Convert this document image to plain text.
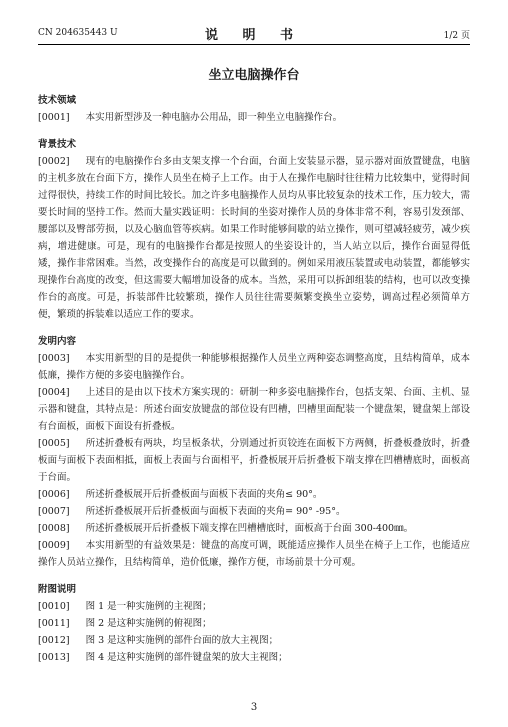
CN 204635443 U	说 明 书	1/2 页
坐立电脑操作台
技术领域
[0001] 本实用新型涉及一种电脑办公用品，即一种坐立电脑操作台。
背景技术
[0002] 现有的电脑操作台多由支架支撑一个台面，台面上安装显示器，显示器对面放置键盘，电脑的主机多放在台面下方，操作人员坐在椅子上工作。由于人在操作电脑时往往精力比较集中，觉得时间过得很快，持续工作的时间比较长。加之许多电脑操作人员均从事比较复杂的技术工作，压力较大，需要长时间的坚持工作。然而大量实践证明：长时间的坐姿对操作人员的身体非常不利，容易引发颈部、腰部以及臀部劳损，以及心脑血管等疾病。如果工作时能够间歇的站立操作，则可望减轻疲劳，减少疾病，增进健康。可是，现有的电脑操作台都是按照人的坐姿设计的，当人站立以后，操作台面显得低矮，操作非常困难。当然，改变操作台的高度是可以做到的。例如采用液压装置或电动装置，都能够实现操作台高度的改变，但这需要大幅增加设备的成本。当然，采用可以拆卸组装的结构，也可以改变操作台的高度。可是，拆装部件比较繁琐，操作人员往往需要频繁变换坐立姿势，调高过程必须简单方便，繁琐的拆装难以适应工作的要求。
发明内容
[0003] 本实用新型的目的是提供一种能够根据操作人员坐立两种姿态调整高度，且结构简单，成本低廉，操作方便的多姿电脑操作台。
[0004] 上述目的是由以下技术方案实现的：研制一种多姿电脑操作台，包括支架、台面、主机、显示器和键盘，其特点是：所述台面安放键盘的部位设有凹槽，凹槽里面配装一个键盘架，键盘架上部设有台面板，面板下面设有折叠板。
[0005] 所述折叠板有两块，均呈板条状，分别通过折页铰连在面板下方两侧，折叠板叠放时，折叠板面与面板下表面相抵，面板上表面与台面相平，折叠板展开后折叠板下端支撑在凹槽槽底时，面板高于台面。
[0006] 所述折叠板展开后折叠板面与面板下表面的夹角≤ 90°。
[0007] 所述折叠板展开后折叠板面与面板下表面的夹角= 90° -95°。
[0008] 所述折叠板展开后折叠板下端支撑在凹槽槽底时，面板高于台面 300-400㎜。
[0009] 本实用新型的有益效果是：键盘的高度可调，既能适应操作人员坐在椅子上工作，也能适应操作人员站立操作，且结构简单，造价低廉，操作方便，市场前景十分可观。
附图说明
[0010] 图 1 是一种实施例的主视图；
[0011] 图 2 是这种实施例的俯视图；
[0012] 图 3 是这种实施例的部件台面的放大主视图；
[0013] 图 4 是这种实施例的部件键盘架的放大主视图；
3
